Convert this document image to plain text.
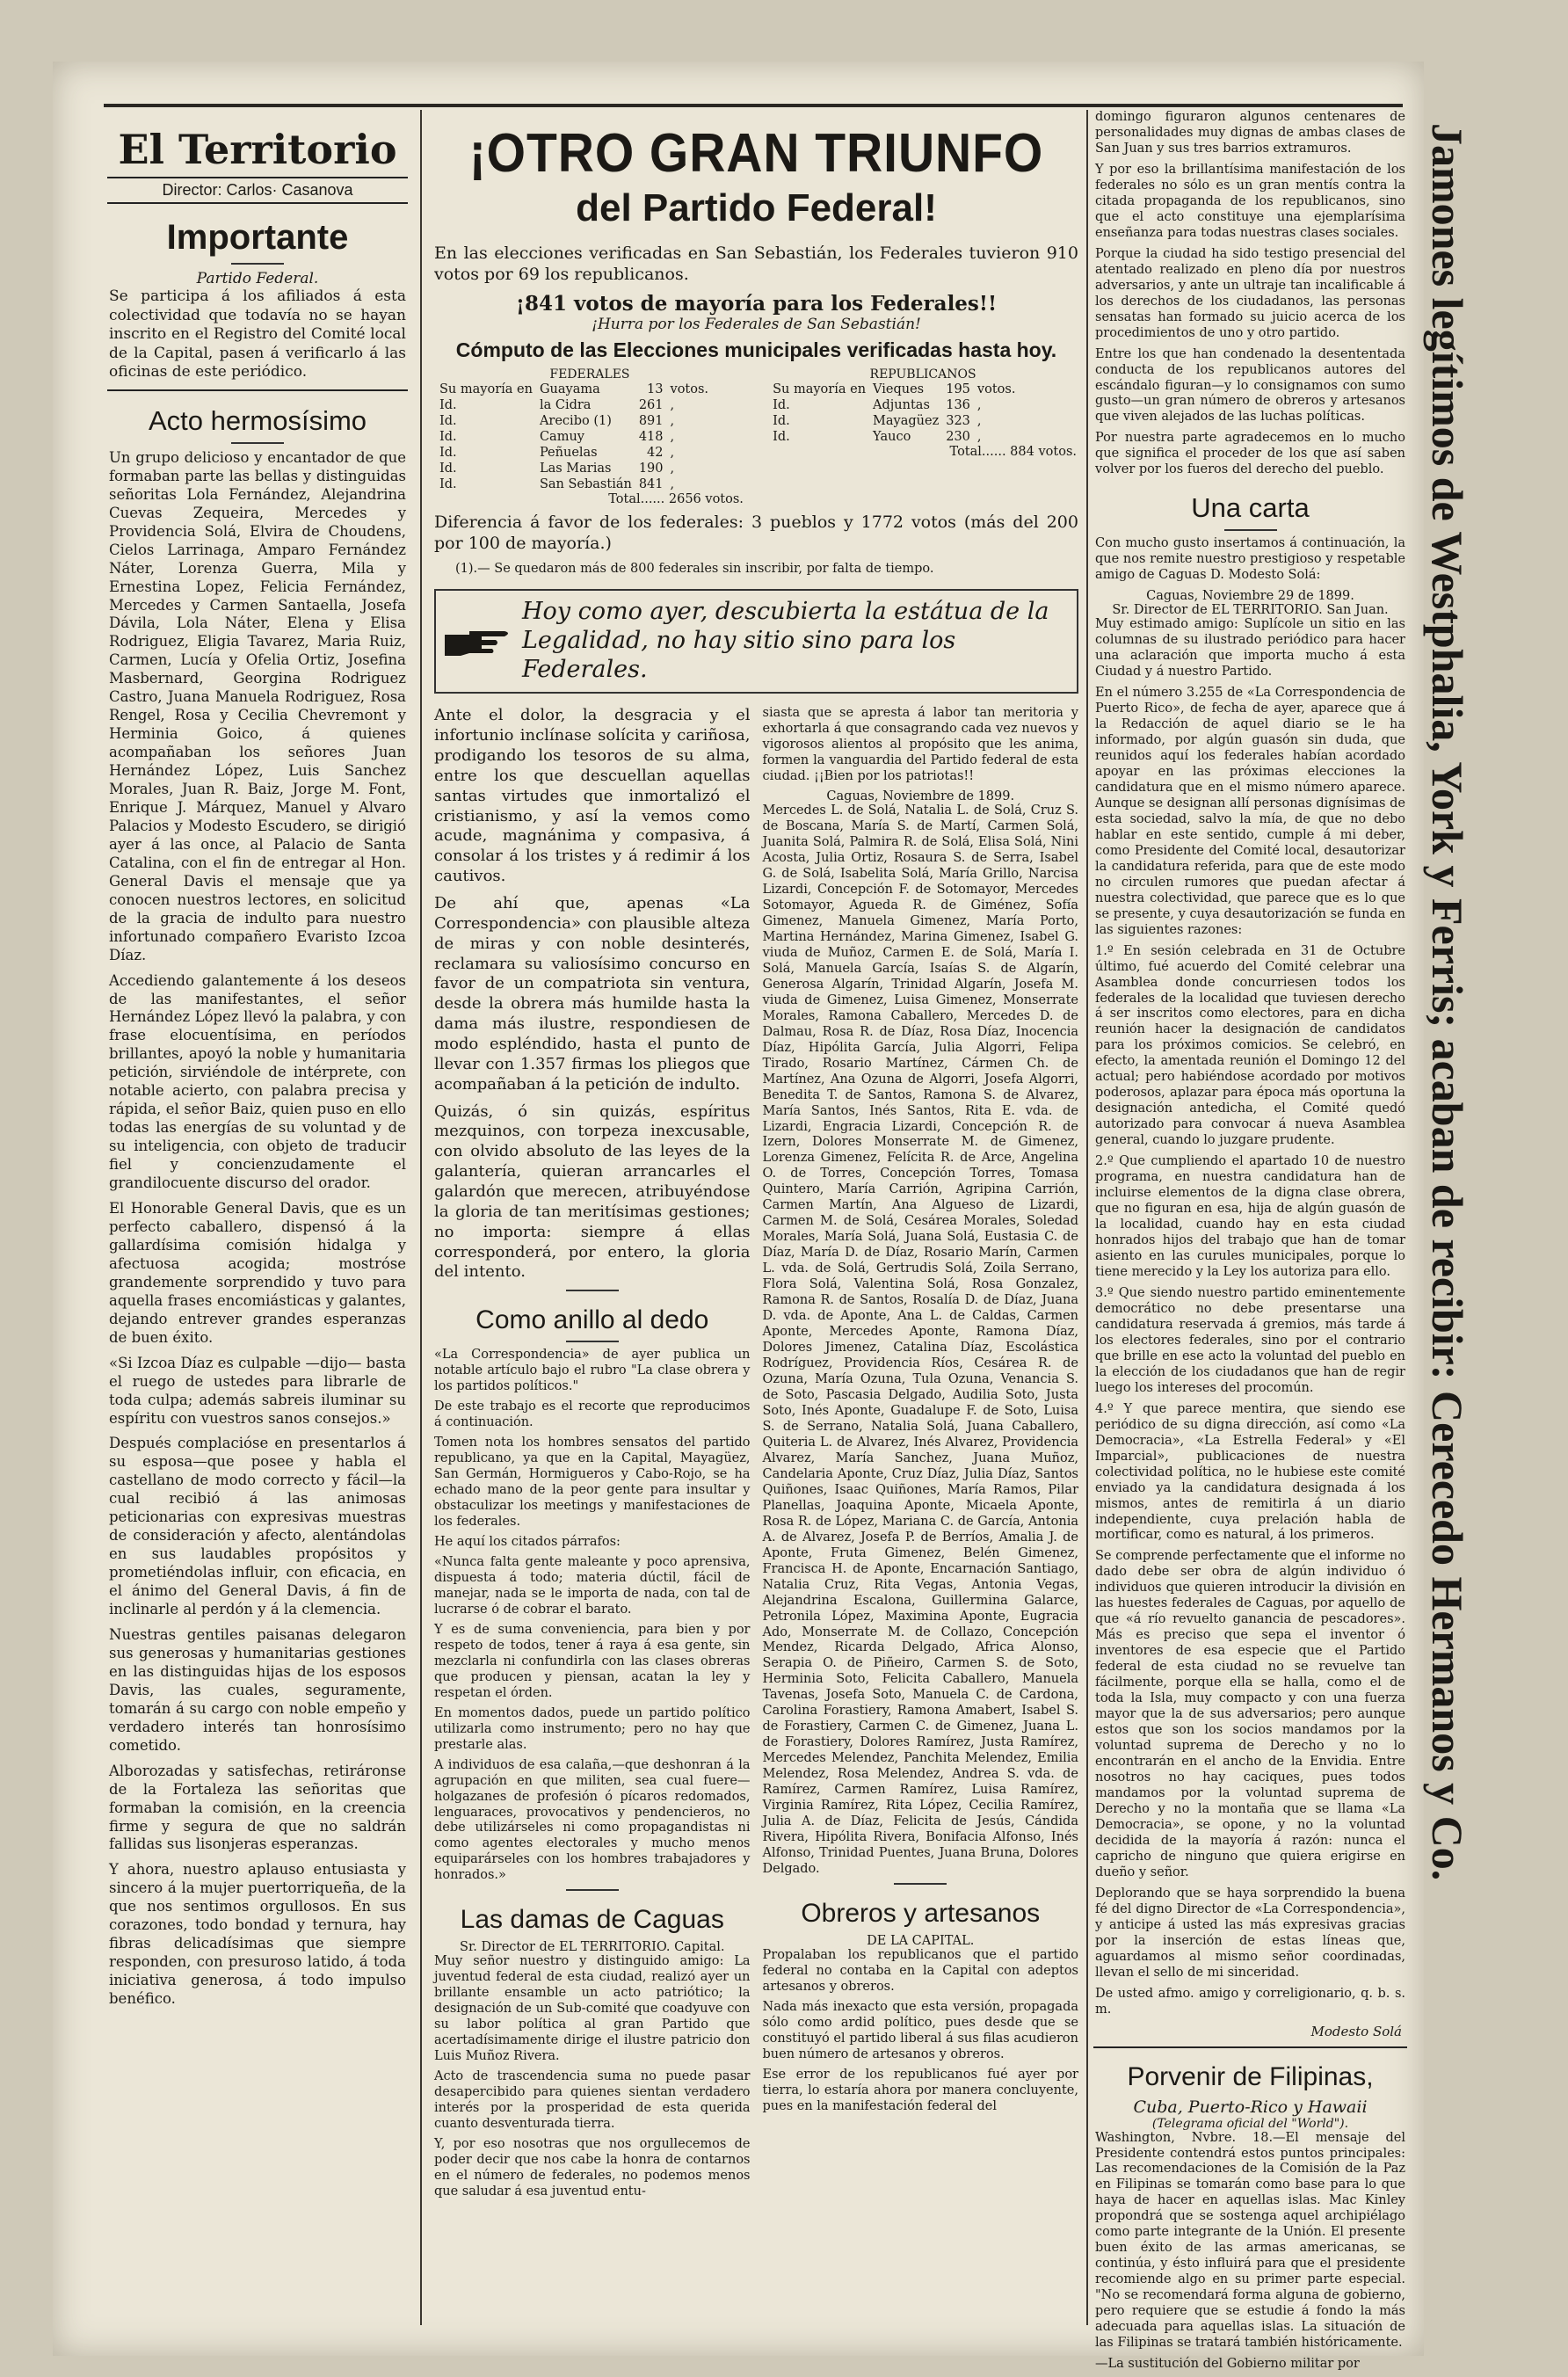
El Territorio
Director: Carlos· Casanova
Importante
Partido Federal.

Se participa á los afiliados á esta colectividad que todavía no se hayan inscrito en el Registro del Comité local de la Capital, pasen á verificarlo á las oficinas de este periódico.

Acto hermosísimo

Un grupo delicioso y encantador de que formaban parte las bellas y distinguidas señoritas Lola Fernández, Alejandrina Cuevas Zequeira, Mercedes y Providencia Solá, Elvira de Choudens, Cielos Larrinaga, Amparo Fernández Náter, Lorenza Guerra, Mila y Ernestina Lopez, Felicia Fernández, Mercedes y Carmen Santaella, Josefa Dávila, Lola Náter, Elena y Elisa Rodriguez, Eligia Tavarez, Maria Ruiz, Carmen, Lucía y Ofelia Ortiz, Josefina Masbernard, Georgina Rodriguez Castro, Juana Manuela Rodriguez, Rosa Rengel, Rosa y Cecilia Chevremont y Herminia Goico, á quienes acompañaban los señores Juan Hernández López, Luis Sanchez Morales, Juan R. Baiz, Jorge M. Font, Enrique J. Márquez, Manuel y Alvaro Palacios y Modesto Escudero, se dirigió ayer á las once, al Palacio de Santa Catalina, con el fin de entregar al Hon. General Davis el mensaje que ya conocen nuestros lectores, en solicitud de la gracia de indulto para nuestro infortunado compañero Evaristo Izcoa Díaz.

Accediendo galantemente á los deseos de las manifestantes, el señor Hernández López llevó la palabra, y con frase elocuentísima, en períodos brillantes, apoyó la noble y humanitaria petición, sirviéndole de intérprete, con notable acierto, con palabra precisa y rápida, el señor Baiz, quien puso en ello todas las energías de su voluntad y de su inteligencia, con objeto de traducir fiel y concienzudamente el grandilocuente discurso del orador.

El Honorable General Davis, que es un perfecto caballero, dispensó á la gallardísima comisión hidalga y afectuosa acogida; mostróse grandemente sorprendido y tuvo para aquella frases encomiásticas y galantes, dejando entrever grandes esperanzas de buen éxito.

«Si Izcoa Díaz es culpable —dijo— basta el ruego de ustedes para librarle de toda culpa; además sabreis iluminar su espíritu con vuestros sanos consejos.»

Después complacióse en presentarlos á su esposa—que posee y habla el castellano de modo correcto y fácil—la cual recibió á las animosas peticionarias con expresivas muestras de consideración y afecto, alentándolas en sus laudables propósitos y prometiéndolas influir, con eficacia, en el ánimo del General Davis, á fin de inclinarle al perdón y á la clemencia.

Nuestras gentiles paisanas delegaron sus generosas y humanitarias gestiones en las distinguidas hijas de los esposos Davis, las cuales, seguramente, tomarán á su cargo con noble empeño y verdadero interés tan honrosísimo cometido.

Alborozadas y satisfechas, retiráronse de la Fortaleza las señoritas que formaban la comisión, en la creencia firme y segura de que no saldrán fallidas sus lisonjeras esperanzas.

Y ahora, nuestro aplauso entusiasta y sincero á la mujer puertorriqueña, de la que nos sentimos orgullosos. En sus corazones, todo bondad y ternura, hay fibras delicadísimas que siempre responden, con presuroso latido, á toda iniciativa generosa, á todo impulso benéfico.

¡OTRO GRAN TRIUNFO
del Partido Federal!

En las elecciones verificadas en San Sebastián, los Federales tuvieron 910 votos por 69 los republicanos.

¡841 votos de mayoría para los Federales!!
¡Hurra por los Federales de San Sebastián!
Cómputo de las Elecciones municipales verificadas hasta hoy.
FEDERALES
Su mayoría en	Guayama	13	votos.
Id.	la Cidra	261	,
Id.	Arecibo (1)	891	,
Id.	Camuy	418	,
Id.	Peñuelas	42	,
Id.	Las Marias	190	,
Id.	San Sebastián	841	,
Total...... 2656 votos.
REPUBLICANOS
Su mayoría en	Vieques	195	votos.
Id.	Adjuntas	136	,
Id.	Mayagüez	323	,
Id.	Yauco	230	,
Total...... 884 votos.

Diferencia á favor de los federales: 3 pueblos y 1772 votos (más del 200 por 100 de mayoría.)

(1).— Se quedaron más de 800 federales sin inscribir, por falta de tiempo.

Hoy como ayer, descubierta la estátua de la Legalidad, no hay sitio sino para los Federales.

Ante el dolor, la desgracia y el infortunio inclínase solícita y cariñosa, prodigando los tesoros de su alma, entre los que descuellan aquellas santas virtudes que inmortalizó el cristianismo, y así la vemos como acude, magnánima y compasiva, á consolar á los tristes y á redimir á los cautivos.

De ahí que, apenas «La Correspondencia» con plausible alteza de miras y con noble desinterés, reclamara su valiosísimo concurso en favor de un compatriota sin ventura, desde la obrera más humilde hasta la dama más ilustre, respondiesen de modo espléndido, hasta el punto de llevar con 1.357 firmas los pliegos que acompañaban á la petición de indulto.

Quizás, ó sin quizás, espíritus mezquinos, con torpeza inexcusable, con olvido absoluto de las leyes de la galantería, quieran arrancarles el galardón que merecen, atribuyéndose la gloria de tan meritísimas gestiones; no importa: siempre á ellas corresponderá, por entero, la gloria del intento.

Como anillo al dedo

«La Correspondencia» de ayer publica un notable artículo bajo el rubro "La clase obrera y los partidos políticos."

De este trabajo es el recorte que reproducimos á continuación.

Tomen nota los hombres sensatos del partido republicano, ya que en la Capital, Mayagüez, San Germán, Hormigueros y Cabo-Rojo, se ha echado mano de la peor gente para insultar y obstaculizar los meetings y manifestaciones de los federales.

He aquí los citados párrafos:

«Nunca falta gente maleante y poco aprensiva, dispuesta á todo; materia dúctil, fácil de manejar, nada se le importa de nada, con tal de lucrarse ó de cobrar el barato.

Y es de suma conveniencia, para bien y por respeto de todos, tener á raya á esa gente, sin mezclarla ni confundirla con las clases obreras que producen y piensan, acatan la ley y respetan el órden.

En momentos dados, puede un partido político utilizarla como instrumento; pero no hay que prestarle alas.

A individuos de esa calaña,—que deshonran á la agrupación en que militen, sea cual fuere—holgazanes de profesión ó pícaros redomados, lenguaraces, provocativos y pendencieros, no debe utilizárseles ni como propagandistas ni como agentes electorales y mucho menos equiparárseles con los hombres trabajadores y honrados.»

Las damas de Caguas
Sr. Director de EL TERRITORIO. Capital.

Muy señor nuestro y distinguido amigo: La juventud federal de esta ciudad, realizó ayer un brillante ensamble un acto patriótico; la designación de un Sub-comité que coadyuve con su labor política al gran Partido que acertadísimamente dirige el ilustre patricio don Luis Muñoz Rivera.

Acto de trascendencia suma no puede pasar desapercibido para quienes sientan verdadero interés por la prosperidad de esta querida cuanto desventurada tierra.

Y, por eso nosotras que nos orgullecemos de poder decir que nos cabe la honra de contarnos en el número de federales, no podemos menos que saludar á esa juventud entu-

siasta que se apresta á labor tan meritoria y exhortarla á que consagrando cada vez nuevos y vigorosos alientos al propósito que les anima, formen la vanguardia del Partido federal de esta ciudad. ¡¡Bien por los patriotas!!

Caguas, Noviembre de 1899.

Mercedes L. de Solá, Natalia L. de Solá, Cruz S. de Boscana, María S. de Martí, Carmen Solá, Juanita Solá, Palmira R. de Solá, Elisa Solá, Nini Acosta, Julia Ortiz, Rosaura S. de Serra, Isabel G. de Solá, Isabelita Solá, María Grillo, Narcisa Lizardi, Concepción F. de Sotomayor, Mercedes Sotomayor, Agueda R. de Giménez, Sofía Gimenez, Manuela Gimenez, María Porto, Martina Hernández, Marina Gimenez, Isabel G. viuda de Muñoz, Carmen E. de Solá, María I. Solá, Manuela García, Isaías S. de Algarín, Generosa Algarín, Trinidad Algarín, Josefa M. viuda de Gimenez, Luisa Gimenez, Monserrate Morales, Ramona Caballero, Mercedes D. de Dalmau, Rosa R. de Díaz, Rosa Díaz, Inocencia Díaz, Hipólita García, Julia Algorri, Felipa Tirado, Rosario Martínez, Cármen Ch. de Martínez, Ana Ozuna de Algorri, Josefa Algorri, Benedita T. de Santos, Ramona S. de Alvarez, María Santos, Inés Santos, Rita E. vda. de Lizardi, Engracia Lizardi, Concepción R. de Izern, Dolores Monserrate M. de Gimenez, Lorenza Gimenez, Felícita R. de Arce, Angelina O. de Torres, Concepción Torres, Tomasa Quintero, María Carrión, Agripina Carrión, Carmen Martín, Ana Algueso de Lizardi, Carmen M. de Solá, Cesárea Morales, Soledad Morales, María Solá, Juana Solá, Eustasia C. de Díaz, María D. de Díaz, Rosario Marín, Carmen L. vda. de Solá, Gertrudis Solá, Zoila Serrano, Flora Solá, Valentina Solá, Rosa Gonzalez, Ramona R. de Santos, Rosalía D. de Díaz, Juana D. vda. de Aponte, Ana L. de Caldas, Carmen Aponte, Mercedes Aponte, Ramona Díaz, Dolores Jimenez, Catalina Díaz, Escolástica Rodríguez, Providencia Ríos, Cesárea R. de Ozuna, María Ozuna, Tula Ozuna, Venancia S. de Soto, Pascasia Delgado, Audilia Soto, Justa Soto, Inés Aponte, Guadalupe F. de Soto, Luisa S. de Serrano, Natalia Solá, Juana Caballero, Quiteria L. de Alvarez, Inés Alvarez, Providencia Alvarez, María Sanchez, Juana Muñoz, Candelaria Aponte, Cruz Díaz, Julia Díaz, Santos Quiñones, Isaac Quiñones, María Ramos, Pilar Planellas, Joaquina Aponte, Micaela Aponte, Rosa R. de López, Mariana C. de García, Antonia A. de Alvarez, Josefa P. de Berríos, Amalia J. de Aponte, Fruta Gimenez, Belén Gimenez, Francisca H. de Aponte, Encarnación Santiago, Natalia Cruz, Rita Vegas, Antonia Vegas, Alejandrina Escalona, Guillermina Galarce, Petronila López, Maximina Aponte, Eugracia Ado, Monserrate M. de Collazo, Concepción Mendez, Ricarda Delgado, Africa Alonso, Serapia O. de Piñeiro, Carmen S. de Soto, Herminia Soto, Felicita Caballero, Manuela Tavenas, Josefa Soto, Manuela C. de Cardona, Carolina Forastiery, Ramona Amabert, Isabel S. de Forastiery, Carmen C. de Gimenez, Juana L. de Forastiery, Dolores Ramírez, Justa Ramírez, Mercedes Melendez, Panchita Melendez, Emilia Melendez, Rosa Melendez, Andrea S. vda. de Ramírez, Carmen Ramírez, Luisa Ramírez, Virginia Ramírez, Rita López, Cecilia Ramírez, Julia A. de Díaz, Felicita de Jesús, Cándida Rivera, Hipólita Rivera, Bonifacia Alfonso, Inés Alfonso, Trinidad Puentes, Juana Bruna, Dolores Delgado.

Obreros y artesanos
DE LA CAPITAL.

Propalaban los republicanos que el partido federal no contaba en la Capital con adeptos artesanos y obreros.

Nada más inexacto que esta versión, propagada sólo como ardid político, pues desde que se constituyó el partido liberal á sus filas acudieron buen número de artesanos y obreros.

Ese error de los republicanos fué ayer por tierra, lo estaría ahora por manera concluyente, pues en la manifestación federal del

domingo figuraron algunos centenares de personalidades muy dignas de ambas clases de San Juan y sus tres barrios extramuros.

Y por eso la brillantísima manifestación de los federales no sólo es un gran mentís contra la citada propaganda de los republicanos, sino que el acto constituye una ejemplarísima enseñanza para todas nuestras clases sociales.

Porque la ciudad ha sido testigo presencial del atentado realizado en pleno día por nuestros adversarios, y ante un ultraje tan incalificable á los derechos de los ciudadanos, las personas sensatas han formado su juicio acerca de los procedimientos de uno y otro partido.

Entre los que han condenado la desententada conducta de los republicanos autores del escándalo figuran—y lo consignamos con sumo gusto—un gran número de obreros y artesanos que viven alejados de las luchas políticas.

Por nuestra parte agradecemos en lo mucho que significa el proceder de los que así saben volver por los fueros del derecho del pueblo.

Una carta

Con mucho gusto insertamos á continuación, la que nos remite nuestro prestigioso y respetable amigo de Caguas D. Modesto Solá:

Caguas, Noviembre 29 de 1899.
Sr. Director de EL TERRITORIO. San Juan.

Muy estimado amigo: Suplícole un sitio en las columnas de su ilustrado periódico para hacer una aclaración que importa mucho á esta Ciudad y á nuestro Partido.

En el número 3.255 de «La Correspondencia de Puerto Rico», de fecha de ayer, aparece que á la Redacción de aquel diario se le ha informado, por algún guasón sin duda, que reunidos aquí los federales habían acordado apoyar en las próximas elecciones la candidatura que en el mismo número aparece. Aunque se designan allí personas dignísimas de esta sociedad, salvo la mía, de que no debo hablar en este sentido, cumple á mi deber, como Presidente del Comité local, desautorizar la candidatura referida, para que de este modo no circulen rumores que puedan afectar á nuestra colectividad, que parece que es lo que se presente, y cuya desautorización se funda en las siguientes razones:

1.º En sesión celebrada en 31 de Octubre último, fué acuerdo del Comité celebrar una Asamblea donde concurriesen todos los federales de la localidad que tuviesen derecho á ser inscritos como electores, para en dicha reunión hacer la designación de candidatos para los próximos comicios. Se celebró, en efecto, la amentada reunión el Domingo 12 del actual; pero habiéndose acordado por motivos poderosos, aplazar para época más oportuna la designación antedicha, el Comité quedó autorizado para convocar á nueva Asamblea general, cuando lo juzgare prudente.

2.º Que cumpliendo el apartado 10 de nuestro programa, en nuestra candidatura han de incluirse elementos de la digna clase obrera, que no figuran en esa, hija de algún guasón de la localidad, cuando hay en esta ciudad honrados hijos del trabajo que han de tomar asiento en las curules municipales, porque lo tiene merecido y la Ley los autoriza para ello.

3.º Que siendo nuestro partido eminentemente democrático no debe presentarse una candidatura reservada á gremios, más tarde á los electores federales, sino por el contrario que brille en ese acto la voluntad del pueblo en la elección de los ciudadanos que han de regir luego los intereses del procomún.

4.º Y que parece mentira, que siendo ese periódico de su digna dirección, así como «La Democracia», «La Estrella Federal» y «El Imparcial», publicaciones de nuestra colectividad política, no le hubiese este comité enviado ya la candidatura designada á los mismos, antes de remitirla á un diario independiente, cuya prelación habla de mortificar, como es natural, á los primeros.

Se comprende perfectamente que el informe no dado debe ser obra de algún individuo ó individuos que quieren introducir la división en las huestes federales de Caguas, por aquello de que «á río revuelto ganancia de pescadores». Más es preciso que sepa el inventor ó inventores de esa especie que el Partido federal de esta ciudad no se revuelve tan fácilmente, porque ella se halla, como el de toda la Isla, muy compacto y con una fuerza mayor que la de sus adversarios; pero aunque estos que son los socios mandamos por la voluntad suprema de Derecho y no lo encontrarán en el ancho de la Envidia. Entre nosotros no hay caciques, pues todos mandamos por la voluntad suprema de Derecho y no la montaña que se llama «La Democracia», se opone, y no la voluntad decidida de la mayoría á razón: nunca el capricho de ninguno que quiera erigirse en dueño y señor.

Deplorando que se haya sorprendido la buena fé del digno Director de «La Correspondencia», y anticipe á usted las más expresivas gracias por la inserción de estas líneas que, aguardamos al mismo señor coordinadas, llevan el sello de mi sinceridad.

De usted afmo. amigo y correligionario, q. b. s. m.

Modesto Solá
Porvenir de Filipinas,
Cuba, Puerto-Rico y Hawaii
(Telegrama oficial del "World").

Washington, Nvbre. 18.—El mensaje del Presidente contendrá estos puntos principales: Las recomendaciones de la Comisión de la Paz en Filipinas se tomarán como base para lo que haya de hacer en aquellas islas. Mac Kinley propondrá que se sostenga aquel archipiélago como parte integrante de la Unión. El presente buen éxito de las armas americanas, se continúa, y ésto influirá para que el presidente recomiende algo en su primer parte especial. "No se recomendará forma alguna de gobierno, pero requiere que se estudie á fondo la más adecuada para aquellas islas. La situación de las Filipinas se tratará también históricamente.

—La sustitución del Gobierno militar por

Jamones legítimos de Westphalia, York y Ferris; acaban de recibir: Cerecedo Hermanos y Co.
